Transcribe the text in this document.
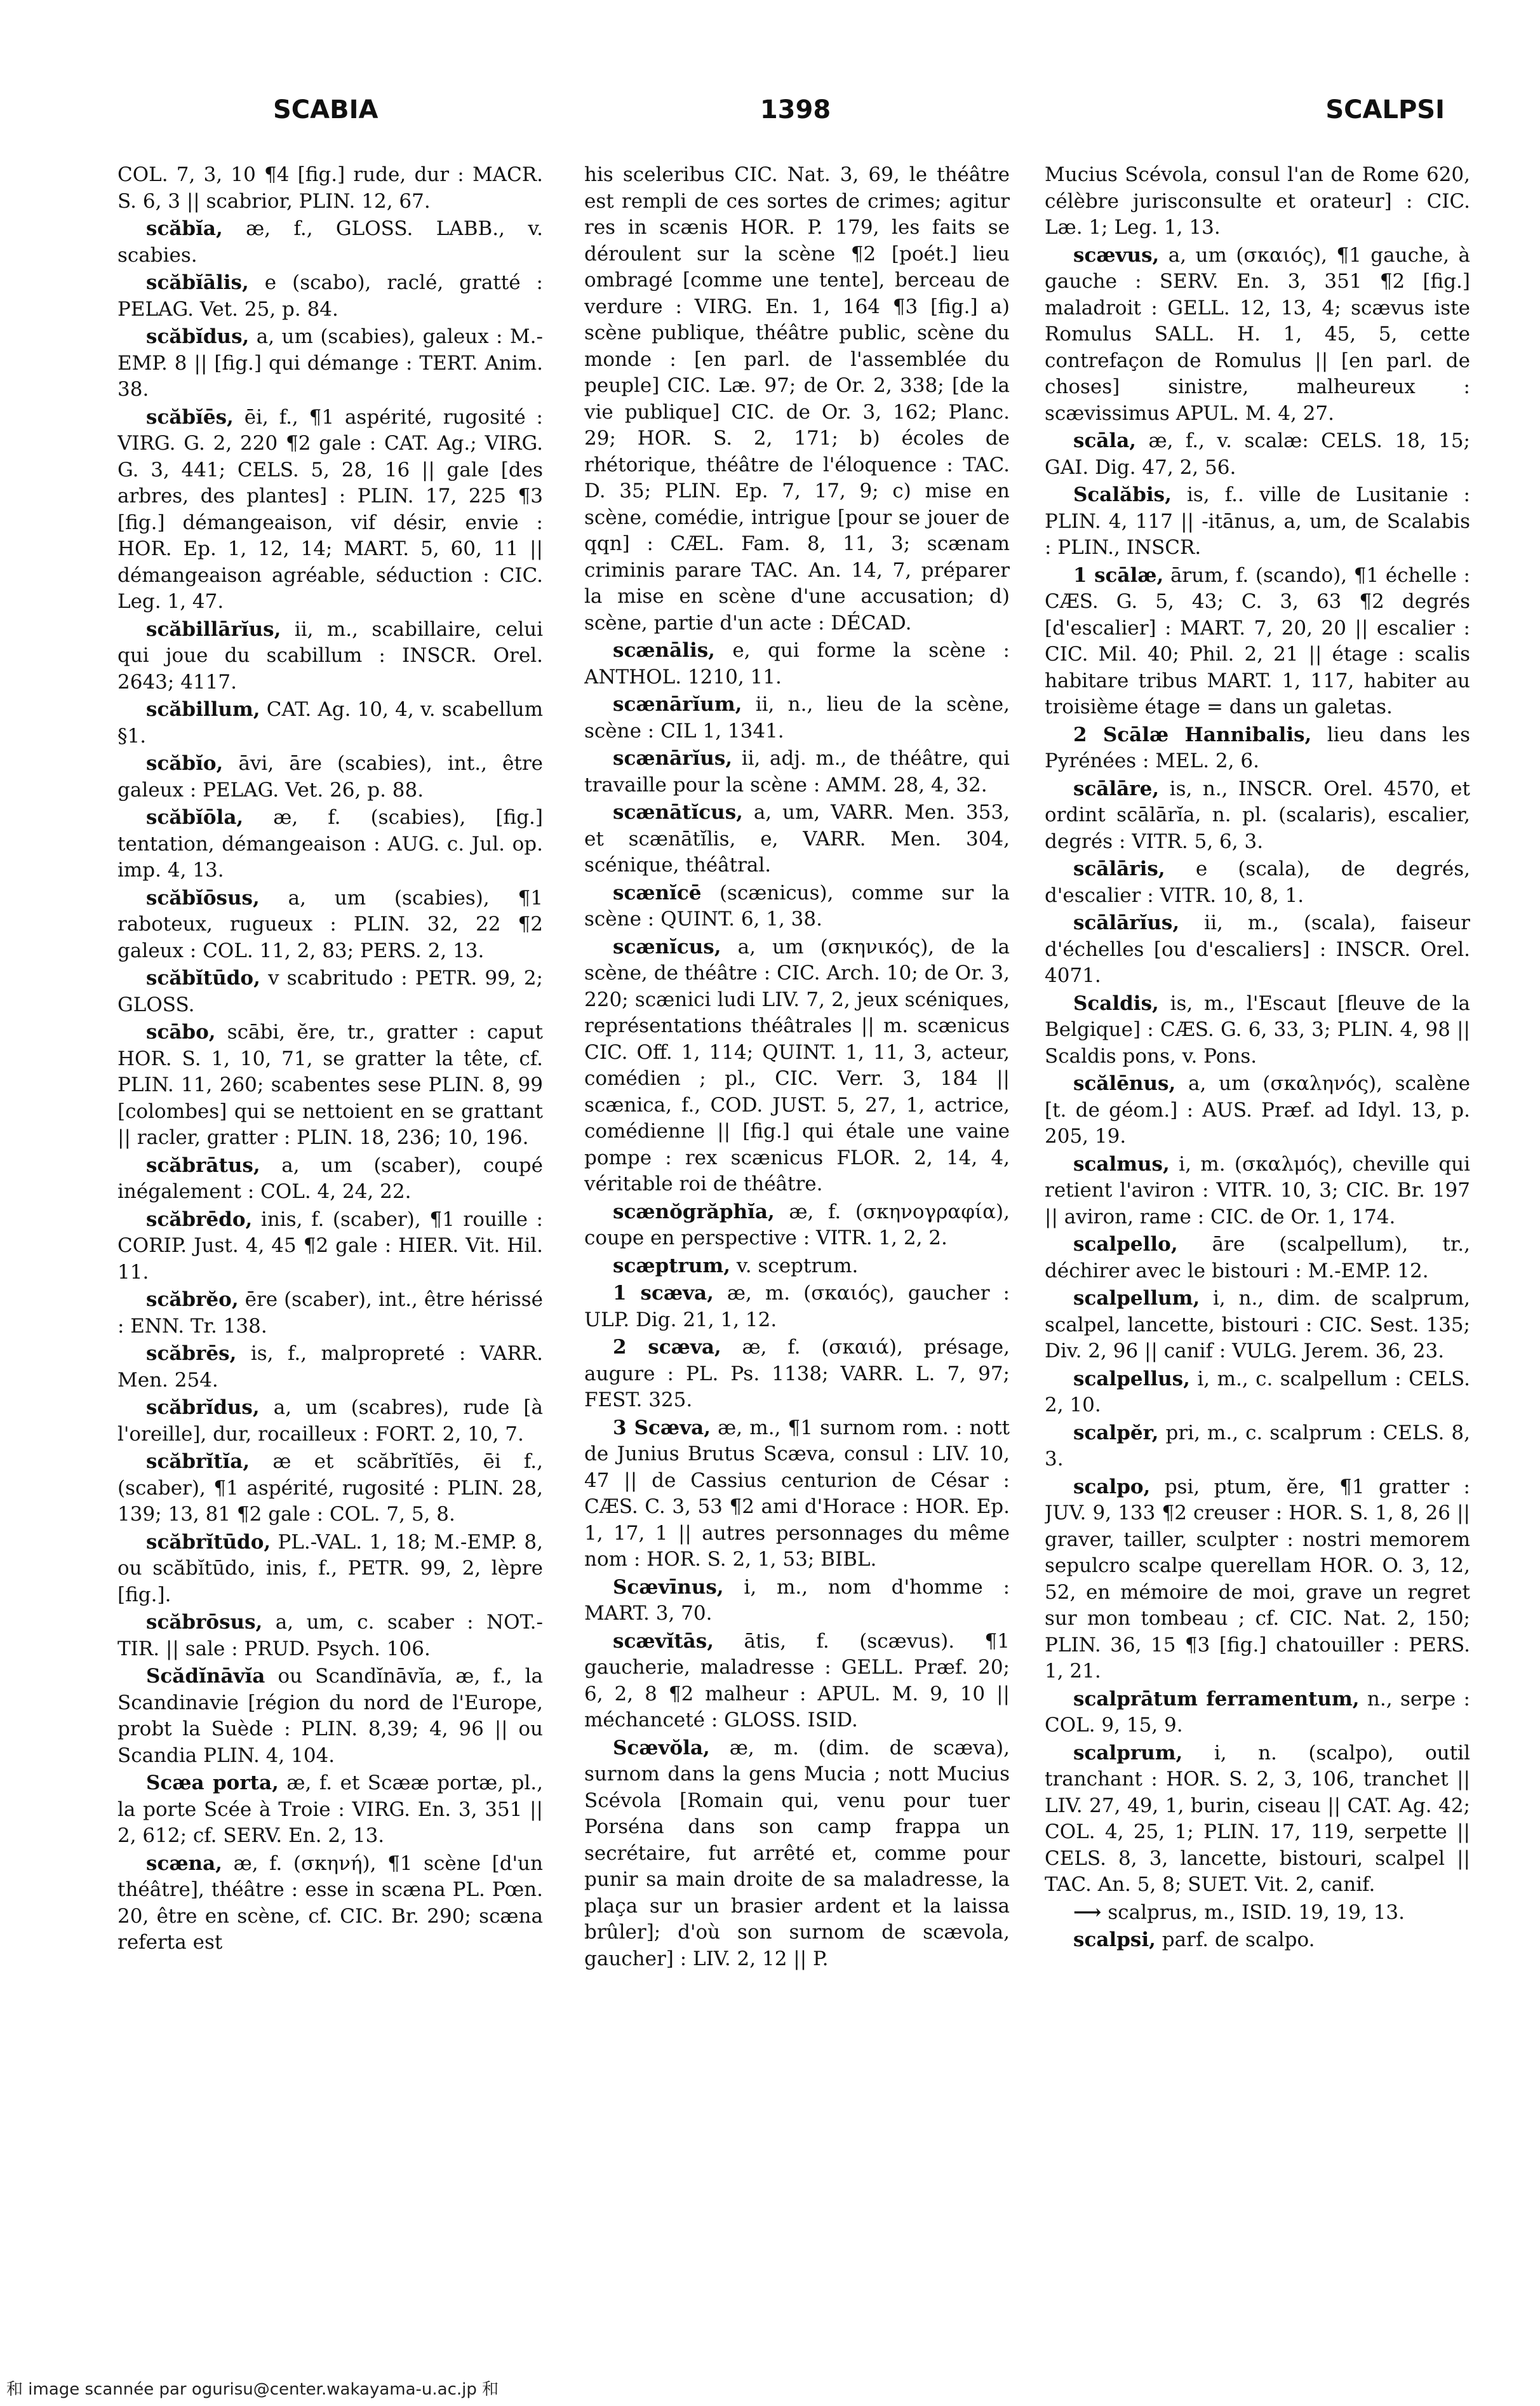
SCABIA	1398	SCALPSI

COL. 7, 3, 10 ¶4 [fig.] rude, dur : MACR. S. 6, 3 || scabrior, PLIN. 12, 67.

scăbĭa, æ, f., GLOSS. LABB., v. scabies.

scăbĭālis, e (scabo), raclé, gratté : PELAG. Vet. 25, p. 84.

scăbĭdus, a, um (scabies), galeux : M.-EMP. 8 || [fig.] qui démange : TERT. Anim. 38.

scăbĭēs, ēi, f., ¶1 aspérité, rugosité : VIRG. G. 2, 220 ¶2 gale : CAT. Ag.; VIRG. G. 3, 441; CELS. 5, 28, 16 || gale [des arbres, des plantes] : PLIN. 17, 225 ¶3 [fig.] démangeaison, vif désir, envie : HOR. Ep. 1, 12, 14; MART. 5, 60, 11 || démangeaison agréable, séduction : CIC. Leg. 1, 47.

scăbillārĭus, ii, m., scabillaire, celui qui joue du scabillum : INSCR. Orel. 2643; 4117.

scăbillum, CAT. Ag. 10, 4, v. scabellum §1.

scăbĭo, āvi, āre (scabies), int., être galeux : PELAG. Vet. 26, p. 88.

scăbĭōla, æ, f. (scabies), [fig.] tentation, démangeaison : AUG. c. Jul. op. imp. 4, 13.

scăbĭōsus, a, um (scabies), ¶1 raboteux, rugueux : PLIN. 32, 22 ¶2 galeux : COL. 11, 2, 83; PERS. 2, 13.

scăbĭtūdo, v scabritudo : PETR. 99, 2; GLOSS.

scābo, scābi, ĕre, tr., gratter : caput HOR. S. 1, 10, 71, se gratter la tête, cf. PLIN. 11, 260; scabentes sese PLIN. 8, 99 [colombes] qui se nettoient en se grattant || racler, gratter : PLIN. 18, 236; 10, 196.

scăbrātus, a, um (scaber), coupé inégalement : COL. 4, 24, 22.

scăbrēdo, inis, f. (scaber), ¶1 rouille : CORIP. Just. 4, 45 ¶2 gale : HIER. Vit. Hil. 11.

scăbrĕo, ēre (scaber), int., être hérissé : ENN. Tr. 138.

scăbrēs, is, f., malpropreté : VARR. Men. 254.

scăbrĭdus, a, um (scabres), rude [à l'oreille], dur, rocailleux : FORT. 2, 10, 7.

scăbrĭtĭa, æ et scăbrĭtĭēs, ēi f., (scaber), ¶1 aspérité, rugosité : PLIN. 28, 139; 13, 81 ¶2 gale : COL. 7, 5, 8.

scăbrĭtūdo, PL.-VAL. 1, 18; M.-EMP. 8, ou scăbĭtūdo, inis, f., PETR. 99, 2, lèpre [fig.].

scăbrōsus, a, um, c. scaber : NOT.-TIR. || sale : PRUD. Psych. 106.

Scădĭnāvĭa ou Scandĭnāvĭa, æ, f., la Scandinavie [région du nord de l'Europe, probt la Suède : PLIN. 8,39; 4, 96 || ou Scandia PLIN. 4, 104.

Scæa porta, æ, f. et Scææ portæ, pl., la porte Scée à Troie : VIRG. En. 3, 351 || 2, 612; cf. SERV. En. 2, 13.

scæna, æ, f. (σκηνή), ¶1 scène [d'un théâtre], théâtre : esse in scæna PL. Pœn. 20, être en scène, cf. CIC. Br. 290; scæna referta est

his sceleribus CIC. Nat. 3, 69, le théâtre est rempli de ces sortes de crimes; agitur res in scænis HOR. P. 179, les faits se déroulent sur la scène ¶2 [poét.] lieu ombragé [comme une tente], berceau de verdure : VIRG. En. 1, 164 ¶3 [fig.] a) scène publique, théâtre public, scène du monde : [en parl. de l'assemblée du peuple] CIC. Læ. 97; de Or. 2, 338; [de la vie publique] CIC. de Or. 3, 162; Planc. 29; HOR. S. 2, 171; b) écoles de rhétorique, théâtre de l'éloquence : TAC. D. 35; PLIN. Ep. 7, 17, 9; c) mise en scène, comédie, intrigue [pour se jouer de qqn] : CÆL. Fam. 8, 11, 3; scænam criminis parare TAC. An. 14, 7, préparer la mise en scène d'une accusation; d) scène, partie d'un acte : DÉCAD.

scænālis, e, qui forme la scène : ANTHOL. 1210, 11.

scænārĭum, ii, n., lieu de la scène, scène : CIL 1, 1341.

scænārĭus, ii, adj. m., de théâtre, qui travaille pour la scène : AMM. 28, 4, 32.

scænātĭcus, a, um, VARR. Men. 353, et scænātĭlis, e, VARR. Men. 304, scénique, théâtral.

scænĭcē (scænicus), comme sur la scène : QUINT. 6, 1, 38.

scænĭcus, a, um (σκηνικός), de la scène, de théâtre : CIC. Arch. 10; de Or. 3, 220; scænici ludi LIV. 7, 2, jeux scéniques, représentations théâtrales || m. scænicus CIC. Off. 1, 114; QUINT. 1, 11, 3, acteur, comédien ; pl., CIC. Verr. 3, 184 || scænica, f., COD. JUST. 5, 27, 1, actrice, comédienne || [fig.] qui étale une vaine pompe : rex scænicus FLOR. 2, 14, 4, véritable roi de théâtre.

scænŏgrăphĭa, æ, f. (σκηνογραφία), coupe en perspective : VITR. 1, 2, 2.

scæptrum, v. sceptrum.

1 scæva, æ, m. (σκαιός), gaucher : ULP. Dig. 21, 1, 12.

2 scæva, æ, f. (σκαιά), présage, augure : PL. Ps. 1138; VARR. L. 7, 97; FEST. 325.

3 Scæva, æ, m., ¶1 surnom rom. : nott de Junius Brutus Scæva, consul : LIV. 10, 47 || de Cassius centurion de César : CÆS. C. 3, 53 ¶2 ami d'Horace : HOR. Ep. 1, 17, 1 || autres personnages du même nom : HOR. S. 2, 1, 53; BIBL.

Scævīnus, i, m., nom d'homme : MART. 3, 70.

scævĭtās, ātis, f. (scævus). ¶1 gaucherie, maladresse : GELL. Præf. 20; 6, 2, 8 ¶2 malheur : APUL. M. 9, 10 || méchanceté : GLOSS. ISID.

Scævŏla, æ, m. (dim. de scæva), surnom dans la gens Mucia ; nott Mucius Scévola [Romain qui, venu pour tuer Porséna dans son camp frappa un secrétaire, fut arrêté et, comme pour punir sa main droite de sa maladresse, la plaça sur un brasier ardent et la laissa brûler]; d'où son surnom de scævola, gaucher] : LIV. 2, 12 || P.

Mucius Scévola, consul l'an de Rome 620, célèbre jurisconsulte et orateur] : CIC. Læ. 1; Leg. 1, 13.

scævus, a, um (σκαιός), ¶1 gauche, à gauche : SERV. En. 3, 351 ¶2 [fig.] maladroit : GELL. 12, 13, 4; scævus iste Romulus SALL. H. 1, 45, 5, cette contrefaçon de Romulus || [en parl. de choses] sinistre, malheureux : scævissimus APUL. M. 4, 27.

scāla, æ, f., v. scalæ: CELS. 18, 15; GAI. Dig. 47, 2, 56.

Scalăbis, is, f.. ville de Lusitanie : PLIN. 4, 117 || -itānus, a, um, de Scalabis : PLIN., INSCR.

1 scālæ, ārum, f. (scando), ¶1 échelle : CÆS. G. 5, 43; C. 3, 63 ¶2 degrés [d'escalier] : MART. 7, 20, 20 || escalier : CIC. Mil. 40; Phil. 2, 21 || étage : scalis habitare tribus MART. 1, 117, habiter au troisième étage = dans un galetas.

2 Scālæ Hannibalis, lieu dans les Pyrénées : MEL. 2, 6.

scālāre, is, n., INSCR. Orel. 4570, et ordint scālārĭa, n. pl. (scalaris), escalier, degrés : VITR. 5, 6, 3.

scālāris, e (scala), de degrés, d'escalier : VITR. 10, 8, 1.

scālārĭus, ii, m., (scala), faiseur d'échelles [ou d'escaliers] : INSCR. Orel. 4071.

Scaldis, is, m., l'Escaut [fleuve de la Belgique] : CÆS. G. 6, 33, 3; PLIN. 4, 98 || Scaldis pons, v. Pons.

scălēnus, a, um (σκαληνός), scalène [t. de géom.] : AUS. Præf. ad Idyl. 13, p. 205, 19.

scalmus, i, m. (σκαλμός), cheville qui retient l'aviron : VITR. 10, 3; CIC. Br. 197 || aviron, rame : CIC. de Or. 1, 174.

scalpello, āre (scalpellum), tr., déchirer avec le bistouri : M.-EMP. 12.

scalpellum, i, n., dim. de scalprum, scalpel, lancette, bistouri : CIC. Sest. 135; Div. 2, 96 || canif : VULG. Jerem. 36, 23.

scalpellus, i, m., c. scalpellum : CELS. 2, 10.

scalpĕr, pri, m., c. scalprum : CELS. 8, 3.

scalpo, psi, ptum, ĕre, ¶1 gratter : JUV. 9, 133 ¶2 creuser : HOR. S. 1, 8, 26 || graver, tailler, sculpter : nostri memorem sepulcro scalpe querellam HOR. O. 3, 12, 52, en mémoire de moi, grave un regret sur mon tombeau ; cf. CIC. Nat. 2, 150; PLIN. 36, 15 ¶3 [fig.] chatouiller : PERS. 1, 21.

scalprātum ferramentum, n., serpe : COL. 9, 15, 9.

scalprum, i, n. (scalpo), outil tranchant : HOR. S. 2, 3, 106, tranchet || LIV. 27, 49, 1, burin, ciseau || CAT. Ag. 42; COL. 4, 25, 1; PLIN. 17, 119, serpette || CELS. 8, 3, lancette, bistouri, scalpel || TAC. An. 5, 8; SUET. Vit. 2, canif.

⟶ scalprus, m., ISID. 19, 19, 13.

scalpsi, parf. de scalpo.

和 image scannée par ogurisu@center.wakayama-u.ac.jp 和
